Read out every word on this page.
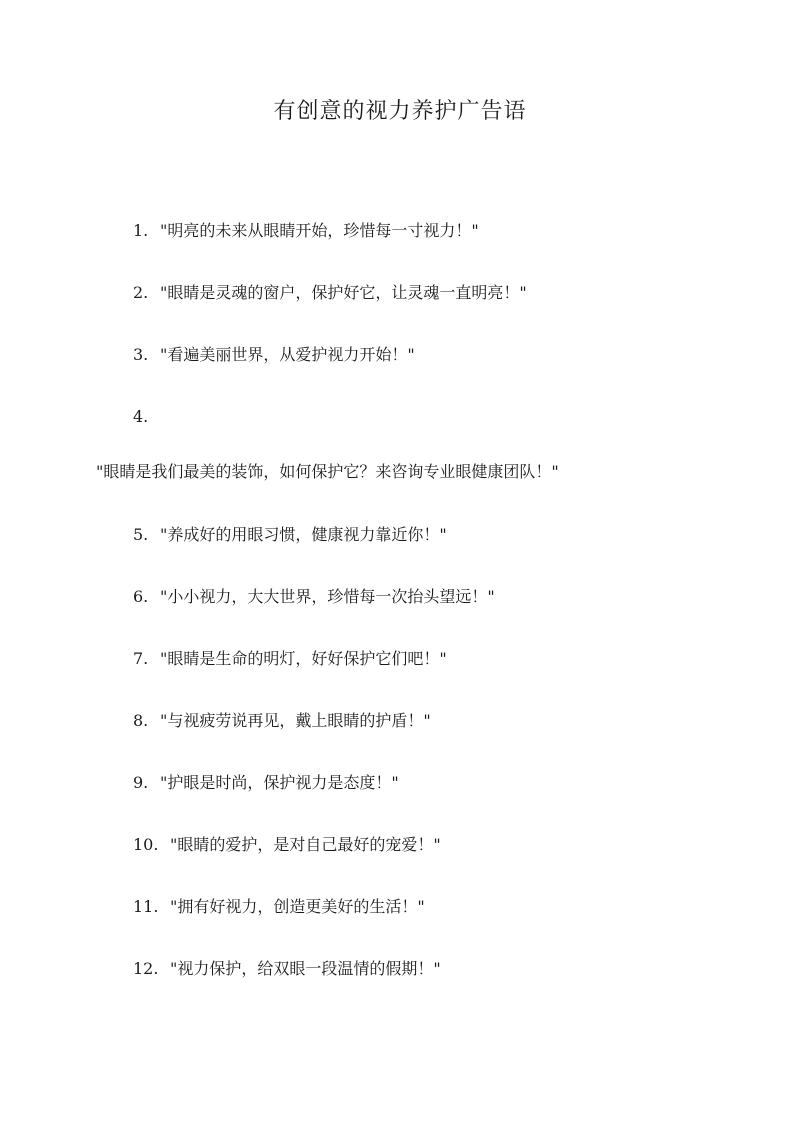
有创意的视力养护广告语
1. "明亮的未来从眼睛开始，珍惜每一寸视力！"
2. "眼睛是灵魂的窗户，保护好它，让灵魂一直明亮！"
3. "看遍美丽世界，从爱护视力开始！"
4.
"眼睛是我们最美的装饰，如何保护它？来咨询专业眼健康团队！"
5. "养成好的用眼习惯，健康视力靠近你！"
6. "小小视力，大大世界，珍惜每一次抬头望远！"
7. "眼睛是生命的明灯，好好保护它们吧！"
8. "与视疲劳说再见，戴上眼睛的护盾！"
9. "护眼是时尚，保护视力是态度！"
10. "眼睛的爱护，是对自己最好的宠爱！"
11. "拥有好视力，创造更美好的生活！"
12. "视力保护，给双眼一段温情的假期！"
